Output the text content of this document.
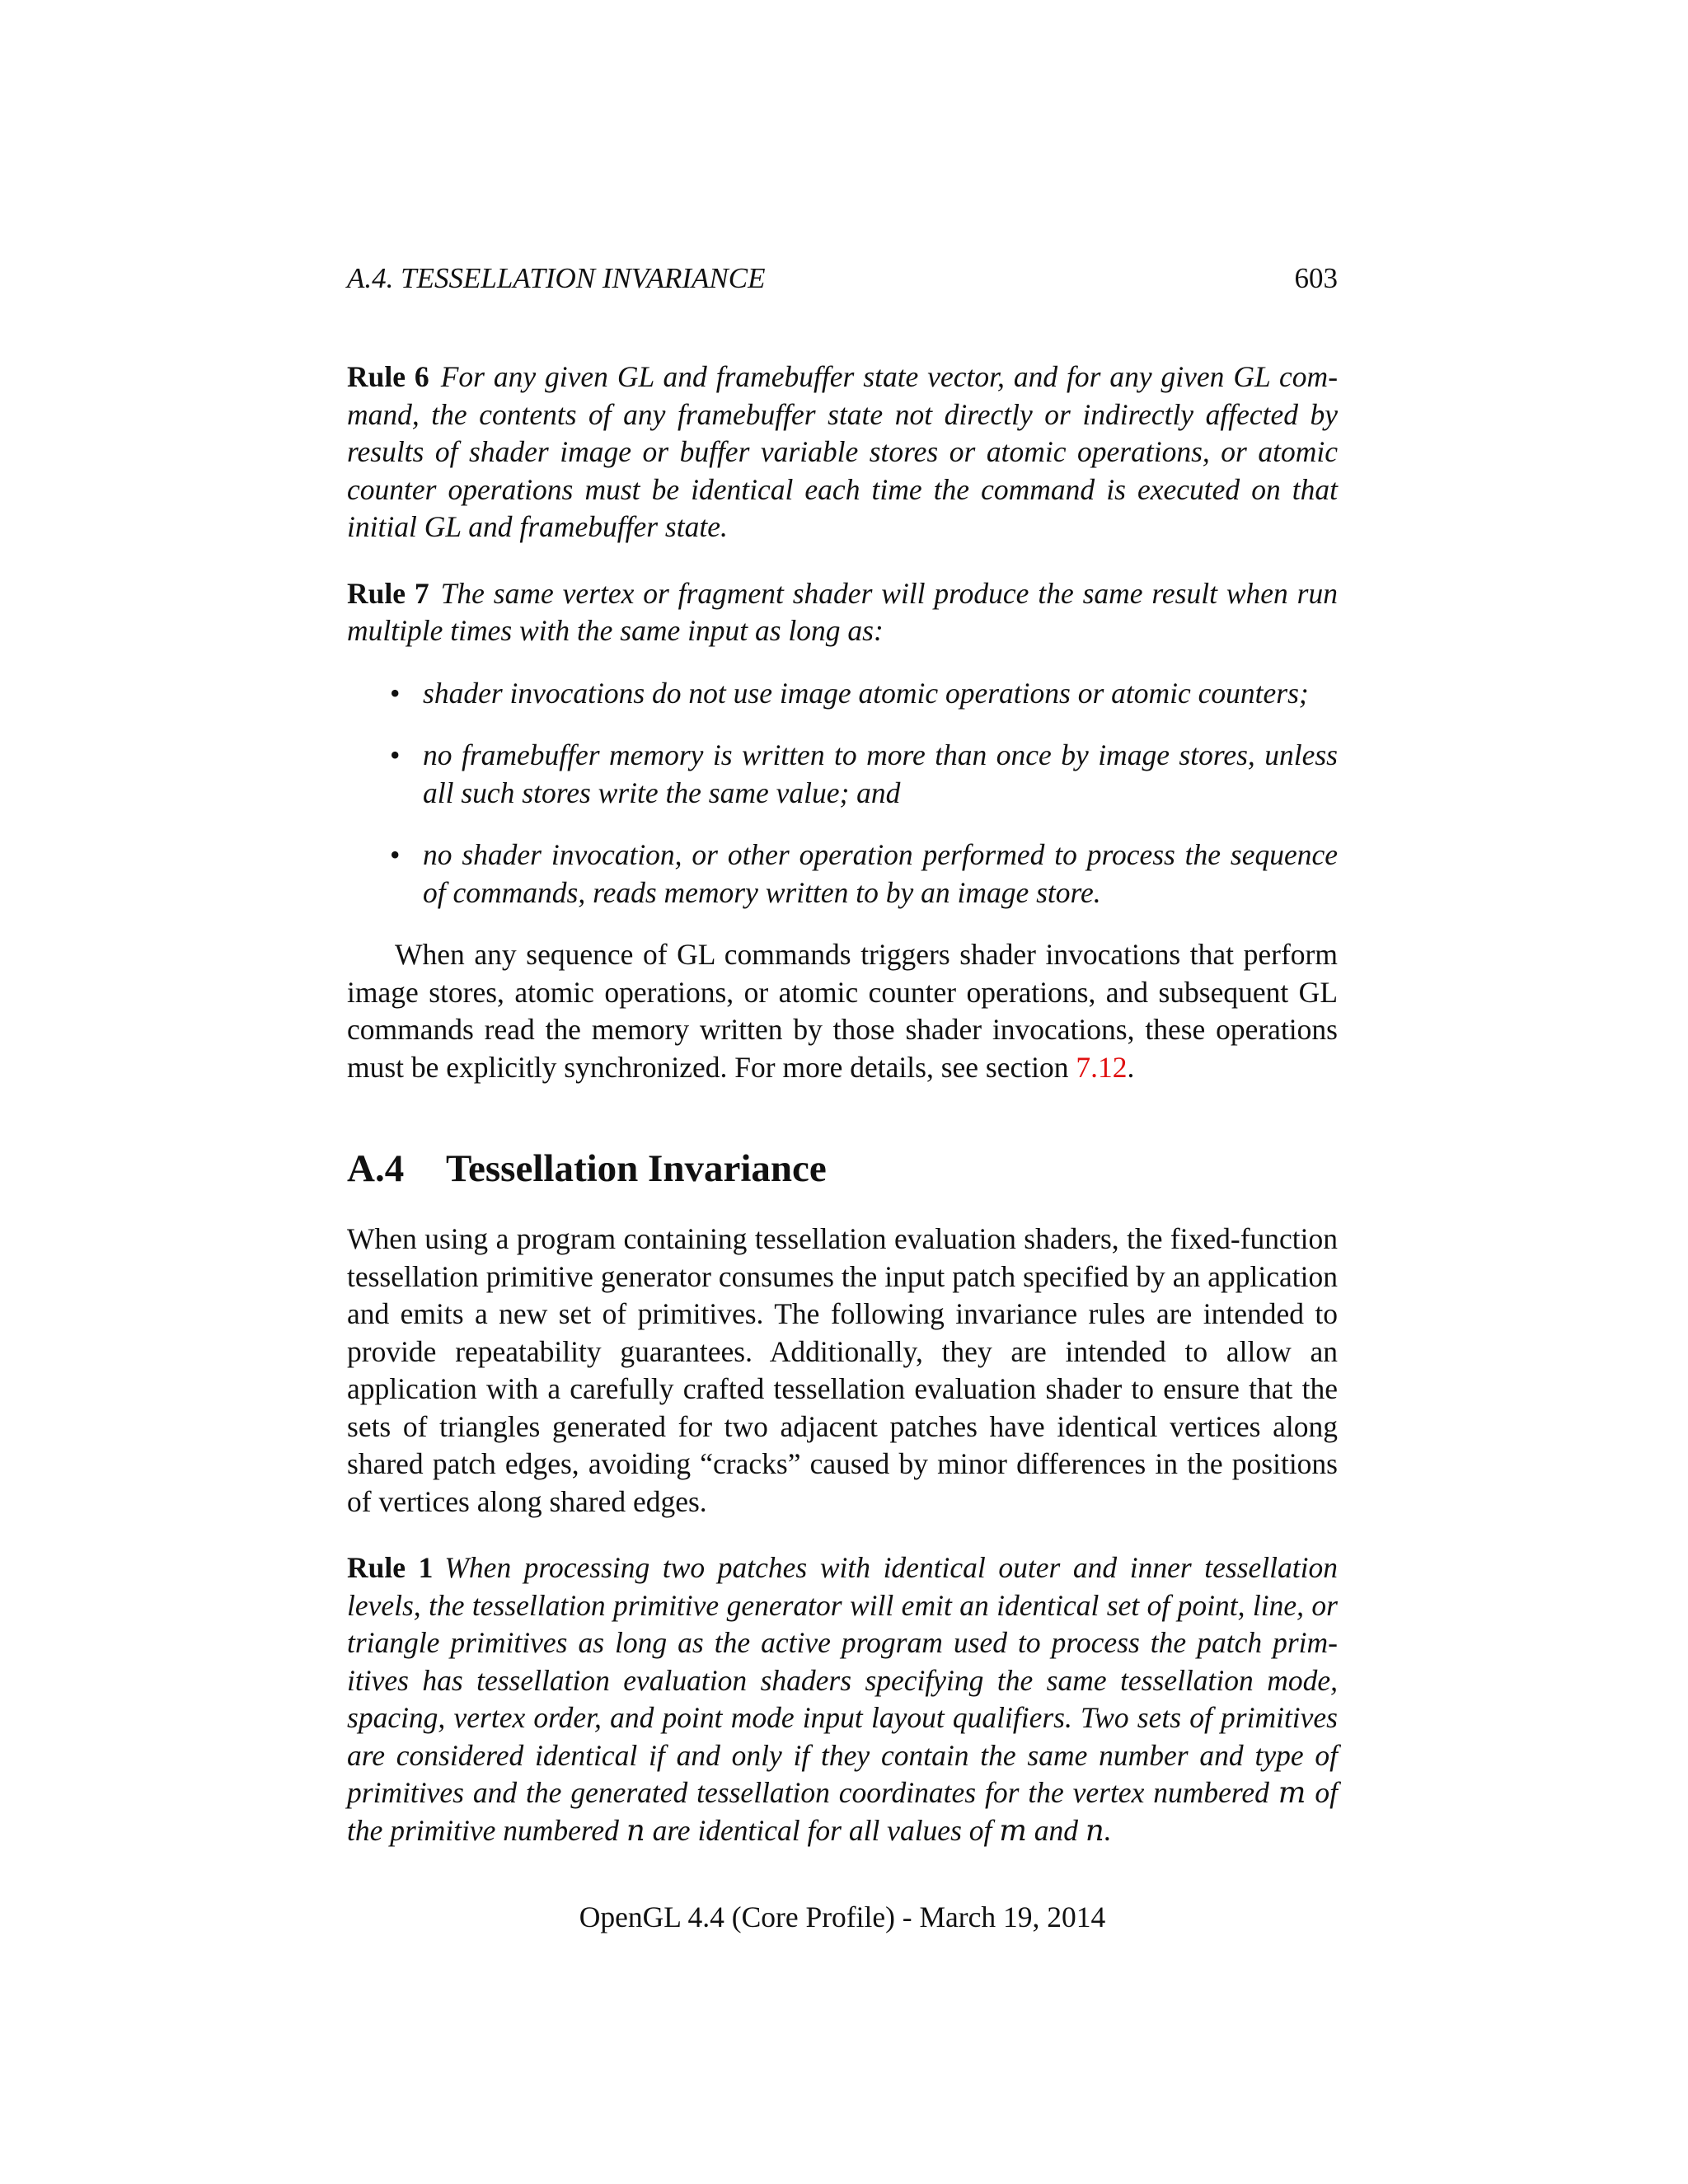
A.4. TESSELLATION INVARIANCE	603

Rule 6 For any given GL and framebuffer state vector, and for any given GL command, the contents of any framebuffer state not directly or indirectly affected by results of shader image or buffer variable stores or atomic operations, or atomic counter operations must be identical each time the command is executed on that initial GL and framebuffer state.

Rule 7 The same vertex or fragment shader will produce the same result when run multiple times with the same input as long as:

• shader invocations do not use image atomic operations or atomic counters;
• no framebuffer memory is written to more than once by image stores, unless all such stores write the same value; and
• no shader invocation, or other operation performed to process the sequence of commands, reads memory written to by an image store.

When any sequence of GL commands triggers shader invocations that perform image stores, atomic operations, or atomic counter operations, and subsequent GL commands read the memory written by those shader invocations, these operations must be explicitly synchronized. For more details, see section 7.12.

A.4 Tessellation Invariance

When using a program containing tessellation evaluation shaders, the fixed-function tessellation primitive generator consumes the input patch specified by an application and emits a new set of primitives. The following invariance rules are intended to provide repeatability guarantees. Additionally, they are intended to allow an application with a carefully crafted tessellation evaluation shader to ensure that the sets of triangles generated for two adjacent patches have identical vertices along shared patch edges, avoiding “cracks” caused by minor differences in the positions of vertices along shared edges.

Rule 1 When processing two patches with identical outer and inner tessellation levels, the tessellation primitive generator will emit an identical set of point, line, or triangle primitives as long as the active program used to process the patch primitives has tessellation evaluation shaders specifying the same tessellation mode, spacing, vertex order, and point mode input layout qualifiers. Two sets of primitives are considered identical if and only if they contain the same number and type of primitives and the generated tessellation coordinates for the vertex numbered m of the primitive numbered n are identical for all values of m and n.

OpenGL 4.4 (Core Profile) - March 19, 2014
